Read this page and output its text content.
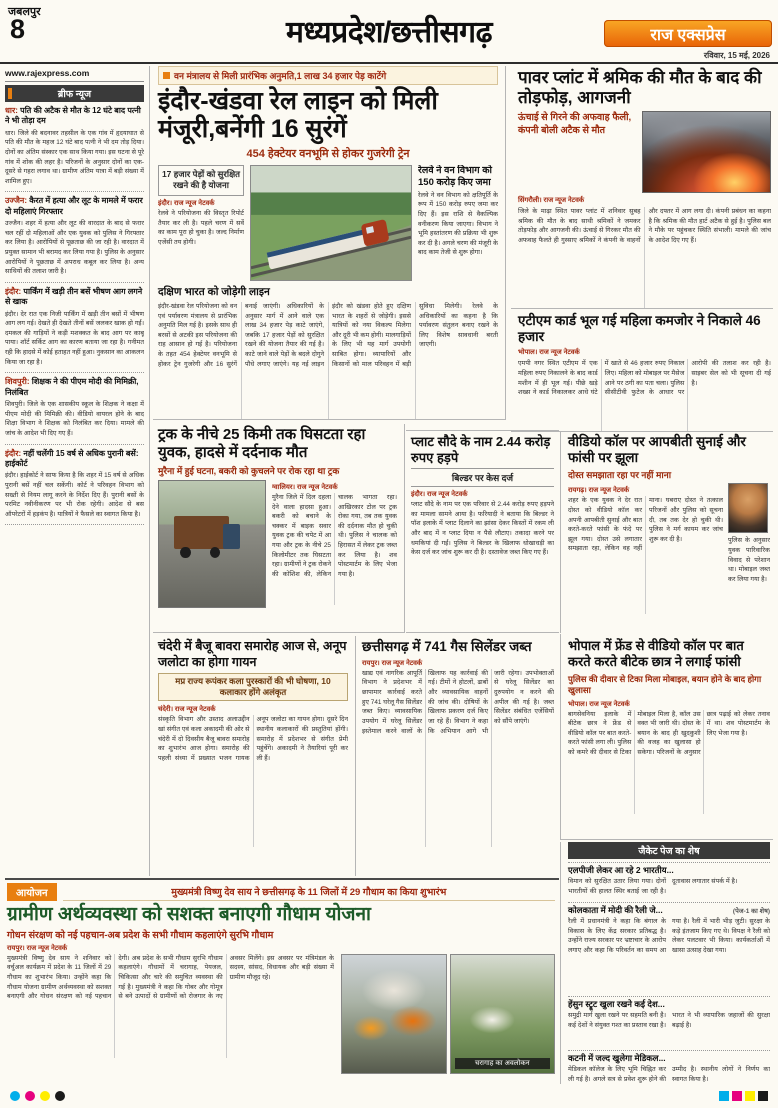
जबलपुर
8	मध्यप्रदेश/छत्तीसगढ़	राज एक्सप्रेस
रविवार, 15 मई, 2026
www.rajexpress.com
ब्रीफ न्यूज
धार: पति की अटैक से मौत के 12 घंटे बाद पत्नी ने भी तोड़ा दम

धार। जिले की बदनावर तहसील के एक गांव में हृदयाघात से पति की मौत के महज 12 घंटे बाद पत्नी ने भी दम तोड़ दिया। दोनों का अंतिम संस्कार एक साथ किया गया। इस घटना से पूरे गांव में शोक की लहर है। परिजनों के अनुसार दोनों का एक-दूसरे से गहरा लगाव था। ग्रामीण अंतिम यात्रा में बड़ी संख्या में शामिल हुए।

उज्जैन: कैरत में हत्या और लूट के मामले में फरार दो महिलाएं गिरफ्तार

उज्जैन। शहर में हत्या और लूट की वारदात के बाद से फरार चल रहीं दो महिलाओं और एक युवक को पुलिस ने गिरफ्तार कर लिया है। आरोपियों से पूछताछ की जा रही है। वारदात में प्रयुक्त सामान भी बरामद कर लिया गया है। पुलिस के अनुसार आरोपियों ने पूछताछ में अपराध कबूल कर लिया है। अन्य साथियों की तलाश जारी है।

इंदौर: पार्किंग में खड़ी तीन बसें भीषण आग लगने से खाक

इंदौर। देर रात एक निजी पार्किंग में खड़ी तीन बसों में भीषण आग लग गई। देखते ही देखते तीनों बसें जलकर खाक हो गईं। दमकल की गाड़ियों ने कड़ी मशक्कत के बाद आग पर काबू पाया। शॉर्ट सर्किट आग का कारण बताया जा रहा है। गनीमत रही कि हादसे में कोई हताहत नहीं हुआ। नुकसान का आकलन किया जा रहा है।

शिवपुरी: शिक्षक ने की पीएम मोदी की मिमिक्री, निलंबित

शिवपुरी। जिले के एक शासकीय स्कूल के शिक्षक ने कक्षा में पीएम मोदी की मिमिक्री की। वीडियो वायरल होने के बाद शिक्षा विभाग ने शिक्षक को निलंबित कर दिया। मामले की जांच के आदेश भी दिए गए हैं।

इंदौर: नहीं चलेंगी 15 वर्ष से अधिक पुरानी बसें: हाईकोर्ट

इंदौर। हाईकोर्ट ने साफ किया है कि शहर में 15 वर्ष से अधिक पुरानी बसें नहीं चल सकेंगी। कोर्ट ने परिवहन विभाग को सख्ती से नियम लागू करने के निर्देश दिए हैं। पुरानी बसों के परमिट नवीनीकरण पर भी रोक रहेगी। आदेश से बस ऑपरेटरों में हड़कंप है। यात्रियों ने फैसले का स्वागत किया है।

वन मंत्रालय से मिली प्रारंभिक अनुमति,1 लाख 34 हजार पेड़ काटेंगे
इंदौर-खंडवा रेल लाइन को मिली मंजूरी,बनेंगी 16 सुरंगें
454 हेक्टेयर वनभूमि से होकर गुजरेगी ट्रेन
17 हजार पेड़ों को सुरक्षित रखने की है योजना
इंदौर। राज न्यूज नेटवर्क

रेलवे ने परियोजना की विस्तृत रिपोर्ट तैयार कर ली है। पहले चरण में सर्वे का काम पूरा हो चुका है। जल्द निर्माण एजेंसी तय होगी।

रेलवे ने वन विभाग को 150 करोड़ किए जमा

रेलवे ने वन विभाग को क्षतिपूर्ति के रूप में 150 करोड़ रुपए जमा कर दिए हैं। इस राशि से वैकल्पिक वनीकरण किया जाएगा। विभाग ने भूमि हस्तांतरण की प्रक्रिया भी शुरू कर दी है। अगले चरण की मंजूरी के बाद काम तेजी से शुरू होगा।

दक्षिण भारत को जोड़ेगी लाइन

इंदौर-खंडवा रेल परियोजना को वन एवं पर्यावरण मंत्रालय से प्रारंभिक अनुमति मिल गई है। इसके साथ ही बरसों से अटकी इस परियोजना की राह आसान हो गई है। परियोजना के तहत 454 हेक्टेयर वनभूमि से होकर ट्रेन गुजरेगी और 16 सुरंगें बनाई जाएंगी। अधिकारियों के अनुसार मार्ग में आने वाले एक लाख 34 हजार पेड़ काटे जाएंगे, जबकि 17 हजार पेड़ों को सुरक्षित रखने की योजना तैयार की गई है। काटे जाने वाले पेड़ों के बदले दोगुने पौधे लगाए जाएंगे। यह नई लाइन इंदौर को खंडवा होते हुए दक्षिण भारत के शहरों से जोड़ेगी। इससे यात्रियों को नया विकल्प मिलेगा और दूरी भी कम होगी। मालगाड़ियों के लिए भी यह मार्ग उपयोगी साबित होगा। व्यापारियों और किसानों को माल परिवहन में बड़ी सुविधा मिलेगी। रेलवे के अधिकारियों का कहना है कि पर्यावरण संतुलन बनाए रखने के लिए विशेष सावधानी बरती जाएगी।

पावर प्लांट में श्रमिक की मौत के बाद की तोड़फोड़, आगजनी
ऊंचाई से गिरने की अफवाह फैली, कंपनी बोली अटैक से मौत
सिंगरौली। राज न्यूज नेटवर्क

जिले के माढ़ा स्थित पावर प्लांट में शनिवार सुबह श्रमिक की मौत के बाद साथी श्रमिकों ने जमकर तोड़फोड़ और आगजनी की। ऊंचाई से गिरकर मौत की अफवाह फैलते ही गुस्साए श्रमिकों ने कंपनी के वाहनों और दफ्तर में आग लगा दी। कंपनी प्रबंधन का कहना है कि श्रमिक की मौत हार्ट अटैक से हुई है। पुलिस बल ने मौके पर पहुंचकर स्थिति संभाली। मामले की जांच के आदेश दिए गए हैं।

एटीएम कार्ड भूल गई महिला कमजोर ने निकाले 46 हजार
भोपाल। राज न्यूज नेटवर्क

एमपी नगर स्थित एटीएम में एक महिला रुपए निकालने के बाद कार्ड मशीन में ही भूल गई। पीछे खड़े शख्स ने कार्ड निकालकर आधे घंटे में खाते से 46 हजार रुपए निकाल लिए। महिला को मोबाइल पर मैसेज आने पर ठगी का पता चला। पुलिस सीसीटीवी फुटेज के आधार पर आरोपी की तलाश कर रही है। साइबर सेल को भी सूचना दी गई है।

ट्रक के नीचे 25 किमी तक घिसटता रहा युवक, हादसे में दर्दनाक मौत
मुरैना में हुई घटना, बकरी को कुचलने पर रोक रहा था ट्रक
ग्वालियर। राज न्यूज नेटवर्क

मुरैना जिले में दिल दहला देने वाला हादसा हुआ। बकरी को बचाने के चक्कर में बाइक सवार युवक ट्रक की चपेट में आ गया और ट्रक के नीचे 25 किलोमीटर तक घिसटता रहा। ग्रामीणों ने ट्रक रोकने की कोशिश की, लेकिन चालक भागता रहा। आखिरकार टोल पर ट्रक रोका गया, तब तक युवक की दर्दनाक मौत हो चुकी थी। पुलिस ने चालक को हिरासत में लेकर ट्रक जब्त कर लिया है। शव पोस्टमार्टम के लिए भेजा गया है।

प्लाट सौदे के नाम 2.44 करोड़ रुपए हड़पे
बिल्डर पर केस दर्ज
इंदौर। राज न्यूज नेटवर्क

प्लाट सौदे के नाम पर एक परिवार से 2.44 करोड़ रुपए हड़पने का मामला सामने आया है। फरियादी ने बताया कि बिल्डर ने पॉश इलाके में प्लाट दिलाने का झांसा देकर किस्तों में रकम ली और बाद में न प्लाट दिया न पैसे लौटाए। तकादा करने पर धमकियां दी गईं। पुलिस ने बिल्डर के खिलाफ धोखाधड़ी का केस दर्ज कर जांच शुरू कर दी है। दस्तावेज जब्त किए गए हैं।

वीडियो कॉल पर आपबीती सुनाई और फांसी पर झूला
दोस्त समझाता रहा पर नहीं माना
रायगढ़। राज न्यूज नेटवर्क

शहर के एक युवक ने देर रात दोस्त को वीडियो कॉल कर अपनी आपबीती सुनाई और बात करते-करते फांसी के फंदे पर झूल गया। दोस्त उसे लगातार समझाता रहा, लेकिन वह नहीं माना। घबराए दोस्त ने तत्काल परिजनों और पुलिस को सूचना दी, तब तक देर हो चुकी थी। पुलिस ने मर्ग कायम कर जांच शुरू कर दी है।	पुलिस के अनुसार युवक पारिवारिक विवाद से परेशान था। मोबाइल जब्त कर लिया गया है।

चंदेरी में बैजू बावरा समारोह आज से, अनूप जलोटा का होगा गायन
मप्र राज्य रूपंकर कला पुरस्कारों की भी घोषणा, 10 कलाकार होंगे अलंकृत
चंदेरी। राज न्यूज नेटवर्क

संस्कृति विभाग और उस्ताद अलाउद्दीन खां संगीत एवं कला अकादमी की ओर से चंदेरी में दो दिवसीय बैजू बावरा समारोह का शुभारंभ आज होगा। समारोह की पहली संध्या में प्रख्यात भजन गायक अनूप जलोटा का गायन होगा। दूसरे दिन स्थानीय कलाकारों की प्रस्तुतियां होंगी। समारोह में प्रदेशभर से संगीत प्रेमी पहुंचेंगे। अकादमी ने तैयारियां पूरी कर ली हैं।

छत्तीसगढ़ में 741 गैस सिलेंडर जब्त
रायपुर। राज न्यूज नेटवर्क

खाद्य एवं नागरिक आपूर्ति विभाग ने प्रदेशभर में छापामार कार्रवाई करते हुए 741 घरेलू गैस सिलेंडर जब्त किए। व्यावसायिक उपयोग में घरेलू सिलेंडर इस्तेमाल करने वालों के खिलाफ यह कार्रवाई की गई। टीमों ने होटलों, ढाबों और व्यावसायिक वाहनों की जांच की। दोषियों के खिलाफ प्रकरण दर्ज किए जा रहे हैं। विभाग ने कहा कि अभियान आगे भी जारी रहेगा। उपभोक्ताओं से घरेलू सिलेंडर का दुरुपयोग न करने की अपील की गई है। जब्त सिलेंडर संबंधित एजेंसियों को सौंपे जाएंगे।

भोपाल में फ्रेंड से वीडियो कॉल पर बात करते करते बीटेक छात्र ने लगाई फांसी
पुलिस की दीवार से टिका मिला मोबाइल, बयान होने के बाद होगा खुलासा
भोपाल। राज न्यूज नेटवर्क

बागसेवनिया इलाके में बीटेक छात्र ने फ्रेंड से वीडियो कॉल पर बात करते-करते फांसी लगा ली। पुलिस को कमरे की दीवार से टिका मोबाइल मिला है, कॉल उस वक्त भी जारी थी। दोस्त के बयान के बाद ही खुदकुशी की वजह का खुलासा हो सकेगा। परिजनों के अनुसार छात्र पढ़ाई को लेकर तनाव में था। शव पोस्टमार्टम के लिए भेजा गया है।

जैकेट पेज का शेष
एलपीजी लेकर आ रहे 2 भारतीय...

विमान को सुरक्षित उतार लिया गया। दोनों भारतीयों की हालत स्थिर बताई जा रही है। दूतावास लगातार संपर्क में है।

कोलकाता में मोदी की रैली जे...	(पेज-1 का शेष)

रैली में प्रधानमंत्री ने कहा कि बंगाल के विकास के लिए केंद्र सरकार प्रतिबद्ध है। उन्होंने राज्य सरकार पर भ्रष्टाचार के आरोप लगाए और कहा कि परिवर्तन का समय आ गया है। रैली में भारी भीड़ जुटी। सुरक्षा के कड़े इंतजाम किए गए थे। विपक्ष ने रैली को लेकर पलटवार भी किया। कार्यकर्ताओं में खासा उत्साह देखा गया।

हेंसुन स्ट्रूट खुला रखने कई देश...

समुद्री मार्ग खुला रखने पर सहमति बनी है। कई देशों ने संयुक्त गश्त का प्रस्ताव रखा है। भारत ने भी व्यापारिक जहाजों की सुरक्षा बढ़ाई है।

कटनी में जल्द खुलेगा मेडिकल...

मेडिकल कॉलेज के लिए भूमि चिह्नित कर ली गई है। अगले सत्र से प्रवेश शुरू होने की उम्मीद है। स्थानीय लोगों ने निर्णय का स्वागत किया है।

आयोजन	मुख्यमंत्री विष्णु देव साय ने छत्तीसगढ़ के 11 जिलों में 29 गौधाम का किया शुभारंभ
ग्रामीण अर्थव्यवस्था को सशक्त बनाएगी गौधाम योजना
गोधन संरक्षण को नई पहचान-अब प्रदेश के सभी गौधाम कहलाएंगे सुरभि गौधाम
रायपुर। राज न्यूज नेटवर्क

मुख्यमंत्री विष्णु देव साय ने शनिवार को वर्चुअल कार्यक्रम में प्रदेश के 11 जिलों में 29 गौधाम का शुभारंभ किया। उन्होंने कहा कि गौधाम योजना ग्रामीण अर्थव्यवस्था को सशक्त बनाएगी और गोधन संरक्षण को नई पहचान देगी। अब प्रदेश के सभी गौधाम सुरभि गौधाम कहलाएंगे। गौधामों में चरागाह, पेयजल, चिकित्सा और चारे की समुचित व्यवस्था की गई है। मुख्यमंत्री ने कहा कि गोबर और गोमूत्र से बने उत्पादों से ग्रामीणों को रोजगार के नए अवसर मिलेंगे। इस अवसर पर मंत्रिमंडल के सदस्य, सांसद, विधायक और बड़ी संख्या में ग्रामीण मौजूद रहे।

चरागाह का अवलोकन
